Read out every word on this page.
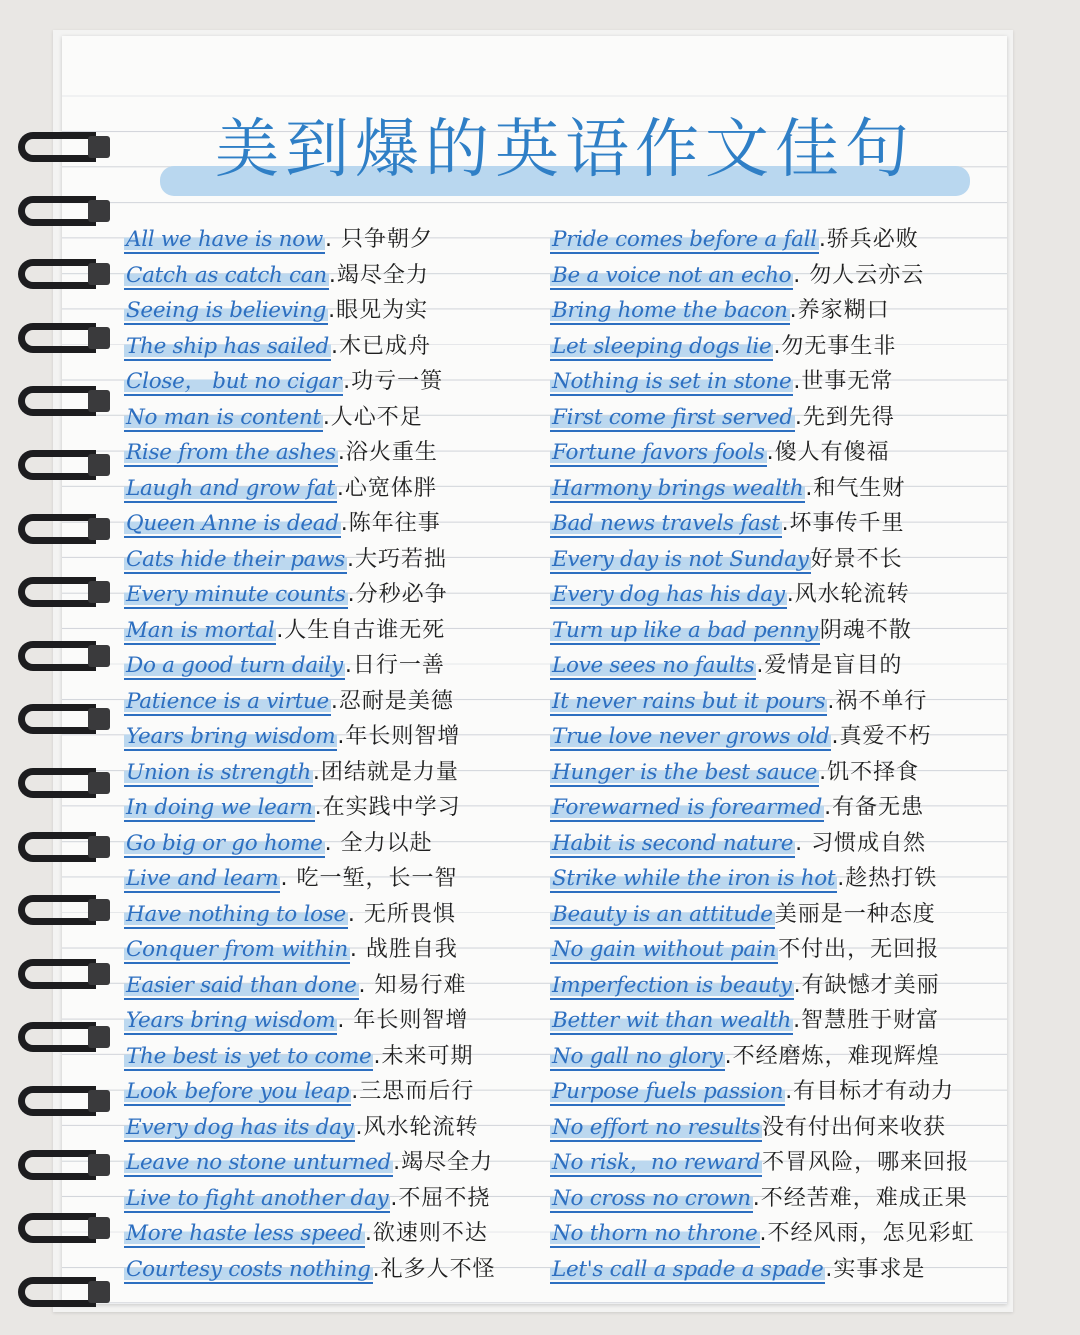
美到爆的英语作文佳句
All we have is now. 只争朝夕
Catch as catch can.竭尽全力
Seeing is believing.眼见为实
The ship has sailed.木已成舟
Close， but no cigar.功亏一篑
No man is content.人心不足
Rise from the ashes.浴火重生
Laugh and grow fat.心宽体胖
Queen Anne is dead.陈年往事
Cats hide their paws.大巧若拙
Every minute counts.分秒必争
Man is mortal.人生自古谁无死
Do a good turn daily.日行一善
Patience is a virtue.忍耐是美德
Years bring wisdom.年长则智增
Union is strength.团结就是力量
In doing we learn.在实践中学习
Go big or go home. 全力以赴
Live and learn. 吃一堑，长一智
Have nothing to lose. 无所畏惧
Conquer from within. 战胜自我
Easier said than done. 知易行难
Years bring wisdom. 年长则智增
The best is yet to come.未来可期
Look before you leap.三思而后行
Every dog has its day.风水轮流转
Leave no stone unturned.竭尽全力
Live to fight another day.不屈不挠
More haste less speed.欲速则不达
Courtesy costs nothing.礼多人不怪
Pride comes before a fall.骄兵必败
Be a voice not an echo. 勿人云亦云
Bring home the bacon.养家糊口
Let sleeping dogs lie.勿无事生非
Nothing is set in stone.世事无常
First come first served.先到先得
Fortune favors fools.傻人有傻福
Harmony brings wealth.和气生财
Bad news travels fast.坏事传千里
Every day is not Sunday好景不长
Every dog has his day.风水轮流转
Turn up like a bad penny阴魂不散
Love sees no faults.爱情是盲目的
It never rains but it pours.祸不单行
True love never grows old.真爱不朽
Hunger is the best sauce.饥不择食
Forewarned is forearmed.有备无患
Habit is second nature. 习惯成自然
Strike while the iron is hot.趁热打铁
Beauty is an attitude美丽是一种态度
No gain without pain不付出，无回报
Imperfection is beauty.有缺憾才美丽
Better wit than wealth.智慧胜于财富
No gall no glory.不经磨炼，难现辉煌
Purpose fuels passion.有目标才有动力
No effort no results没有付出何来收获
No risk，no reward不冒风险，哪来回报
No cross no crown.不经苦难，难成正果
No thorn no throne.不经风雨，怎见彩虹
Let's call a spade a spade.实事求是
